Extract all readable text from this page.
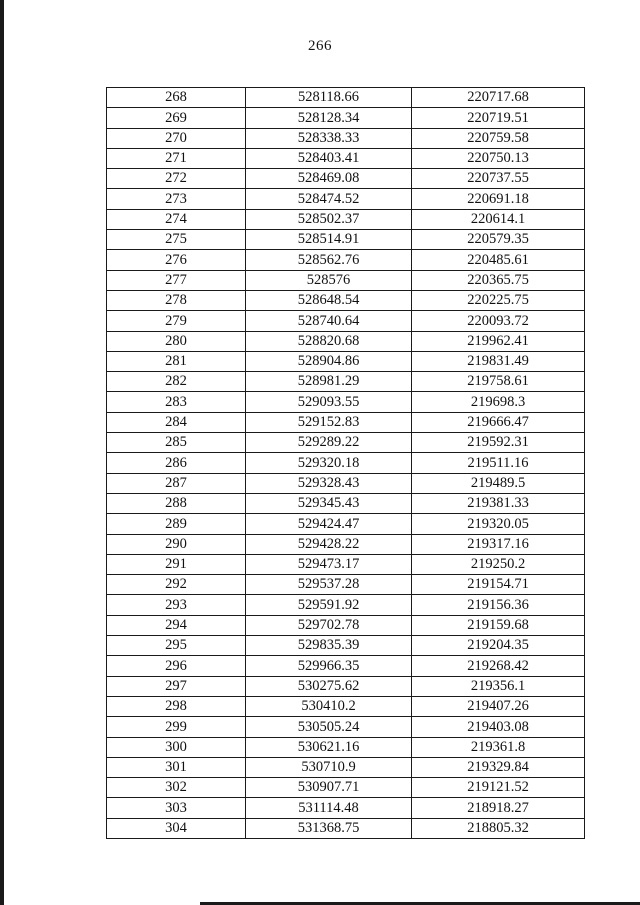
266
268	528118.66	220717.68
269	528128.34	220719.51
270	528338.33	220759.58
271	528403.41	220750.13
272	528469.08	220737.55
273	528474.52	220691.18
274	528502.37	220614.1
275	528514.91	220579.35
276	528562.76	220485.61
277	528576	220365.75
278	528648.54	220225.75
279	528740.64	220093.72
280	528820.68	219962.41
281	528904.86	219831.49
282	528981.29	219758.61
283	529093.55	219698.3
284	529152.83	219666.47
285	529289.22	219592.31
286	529320.18	219511.16
287	529328.43	219489.5
288	529345.43	219381.33
289	529424.47	219320.05
290	529428.22	219317.16
291	529473.17	219250.2
292	529537.28	219154.71
293	529591.92	219156.36
294	529702.78	219159.68
295	529835.39	219204.35
296	529966.35	219268.42
297	530275.62	219356.1
298	530410.2	219407.26
299	530505.24	219403.08
300	530621.16	219361.8
301	530710.9	219329.84
302	530907.71	219121.52
303	531114.48	218918.27
304	531368.75	218805.32
